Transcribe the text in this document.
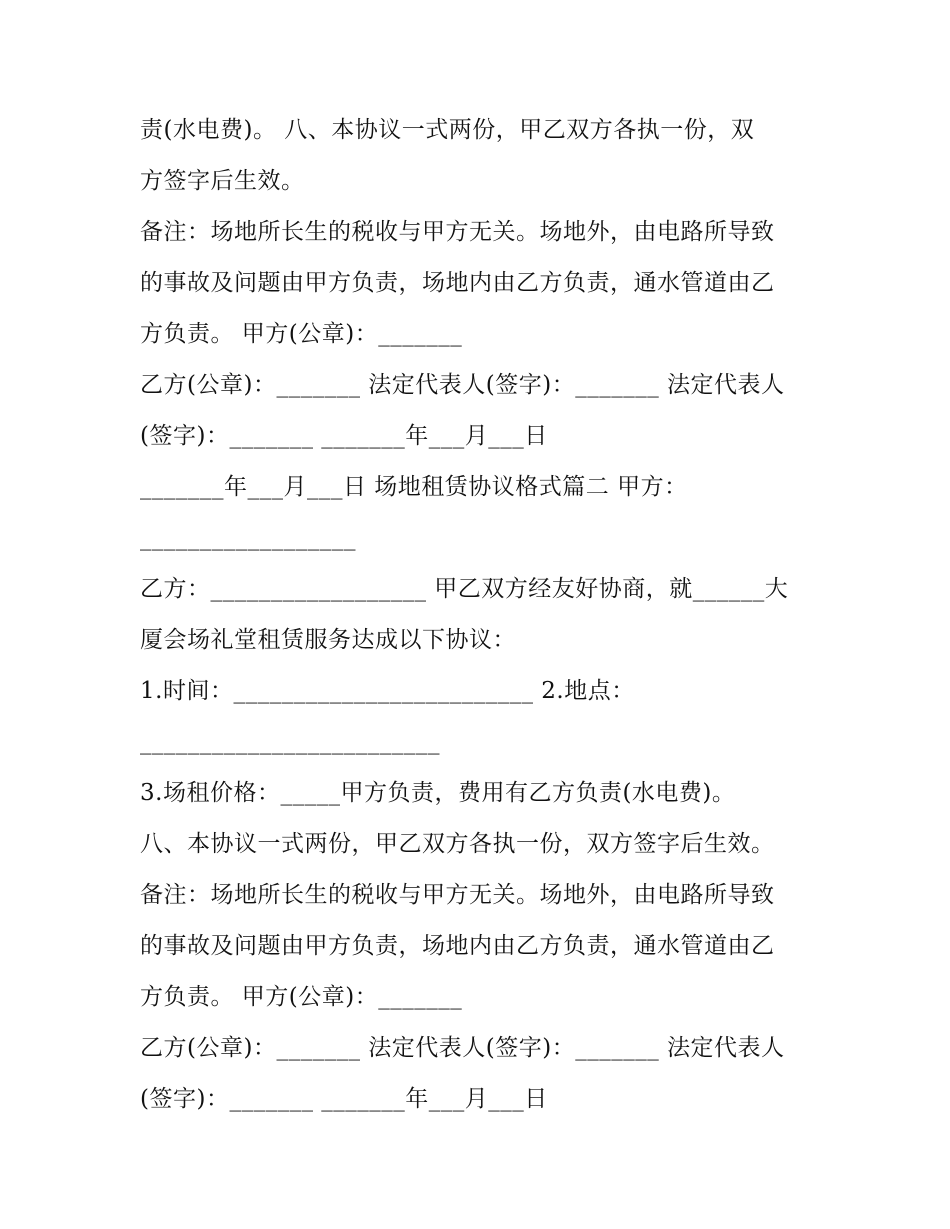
责(水电费)。 八、本协议一式两份，甲乙双方各执一份，双
方签字后生效。
备注：场地所长生的税收与甲方无关。场地外，由电路所导致
的事故及问题由甲方负责，场地内由乙方负责，通水管道由乙
方负责。 甲方(公章)：_______
乙方(公章)：_______ 法定代表人(签字)：_______ 法定代表人
(签字)：_______ _______年___月___日
_______年___月___日 场地租赁协议格式篇二 甲方：
__________________
乙方：__________________ 甲乙双方经友好协商，就______大
厦会场礼堂租赁服务达成以下协议：
1.时间：_________________________ 2.地点：
_________________________
3.场租价格：_____甲方负责，费用有乙方负责(水电费)。
八、本协议一式两份，甲乙双方各执一份，双方签字后生效。
备注：场地所长生的税收与甲方无关。场地外，由电路所导致
的事故及问题由甲方负责，场地内由乙方负责，通水管道由乙
方负责。 甲方(公章)：_______
乙方(公章)：_______ 法定代表人(签字)：_______ 法定代表人
(签字)：_______ _______年___月___日
